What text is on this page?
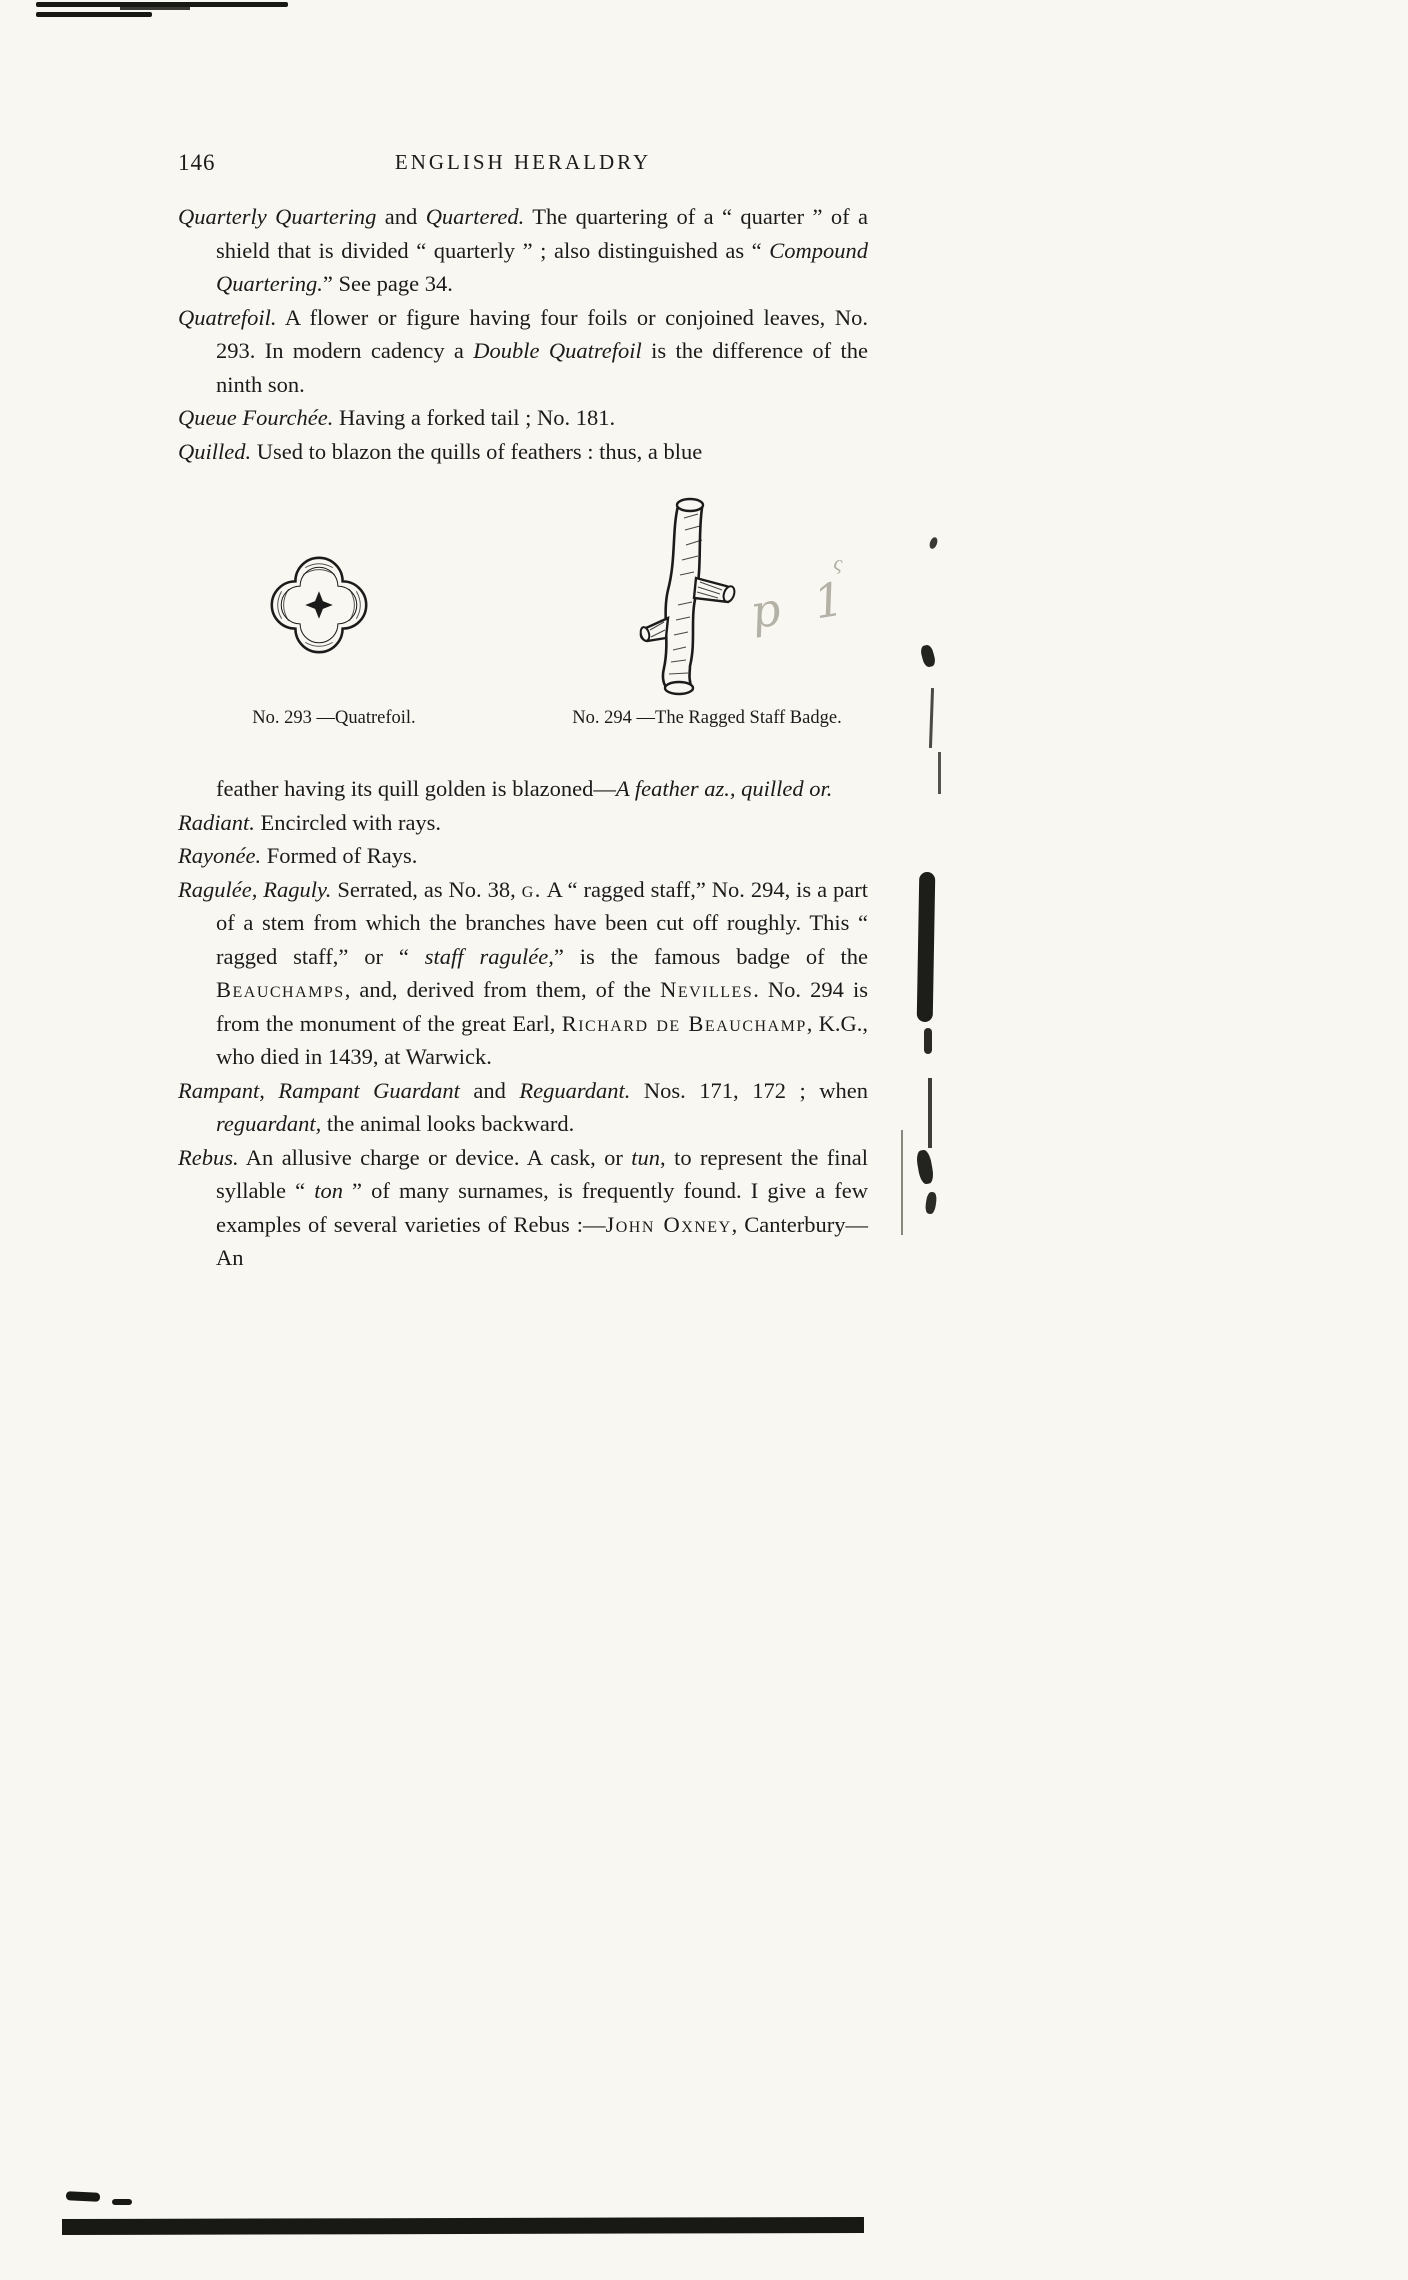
146	ENGLISH HERALDRY

Quarterly Quartering and Quartered. The quartering of a “ quarter ” of a shield that is divided “ quarterly ” ; also distinguished as “ Compound Quartering.” See page 34.

Quatrefoil. A flower or figure having four foils or conjoined leaves, No. 293. In modern cadency a Double Quatrefoil is the difference of the ninth son.

Queue Fourchée. Having a forked tail ; No. 181.

Quilled. Used to blazon the quills of feathers : thus, a blue

p 1
ς
No. 293 —Quatrefoil.	No. 294 —The Ragged Staff Badge.

feather having its quill golden is blazoned—A feather az., quilled or.

Radiant. Encircled with rays.

Rayonée. Formed of Rays.

Ragulée, Raguly. Serrated, as No. 38, g. A “ ragged staff,” No. 294, is a part of a stem from which the branches have been cut off roughly. This “ ragged staff,” or “ staff ragulée,” is the famous badge of the Beauchamps, and, derived from them, of the Nevilles. No. 294 is from the monument of the great Earl, Richard de Beauchamp, K.G., who died in 1439, at Warwick.

Rampant, Rampant Guardant and Reguardant. Nos. 171, 172 ; when reguardant, the animal looks backward.

Rebus. An allusive charge or device. A cask, or tun, to represent the final syllable “ ton ” of many surnames, is frequently found. I give a few examples of several varieties of Rebus :—John Oxney, Canterbury—An
